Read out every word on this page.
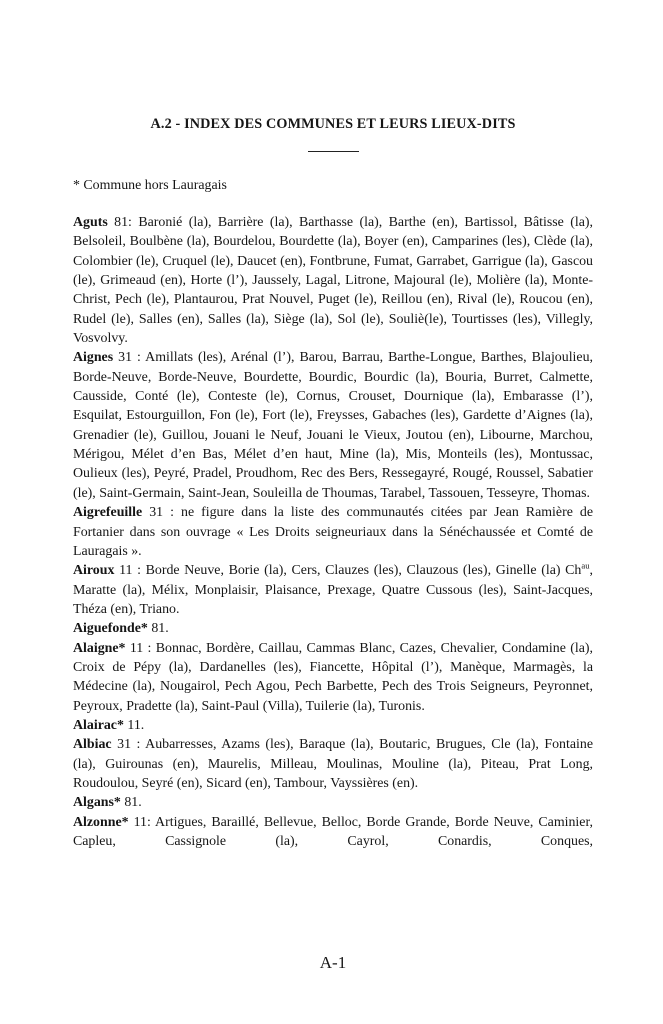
A.2 - INDEX DES COMMUNES ET LEURS LIEUX-DITS

* Commune hors Lauragais

Aguts 81: Baronié (la), Barrière (la), Barthasse (la), Barthe (en), Bartissol, Bâtisse (la), Belsoleil, Boulbène (la), Bourdelou, Bourdette (la), Boyer (en), Camparines (les), Clède (la), Colombier (le), Cruquel (le), Daucet (en), Fontbrune, Fumat, Garrabet, Garrigue (la), Gascou (le), Grimeaud (en), Horte (l’), Jaussely, Lagal, Litrone, Majoural (le), Molière (la), Monte-Christ, Pech (le), Plantaurou, Prat Nouvel, Puget (le), Reillou (en), Rival (le), Roucou (en), Rudel (le), Salles (en), Salles (la), Siège (la), Sol (le), Souliè(le), Tourtisses (les), Villegly, Vosvolvy.

Aignes 31 : Amillats (les), Arénal (l’), Barou, Barrau, Barthe-Longue, Barthes, Blajoulieu, Borde-Neuve, Borde-Neuve, Bourdette, Bourdic, Bourdic (la), Bouria, Burret, Calmette, Causside, Conté (le), Conteste (le), Cornus, Crouset, Dournique (la), Embarasse (l’), Esquilat, Estourguillon, Fon (le), Fort (le), Freysses, Gabaches (les), Gardette d’Aignes (la), Grenadier (le), Guillou, Jouani le Neuf, Jouani le Vieux, Joutou (en), Libourne, Marchou, Mérigou, Mélet d’en Bas, Mélet d’en haut, Mine (la), Mis, Monteils (les), Montussac, Oulieux (les), Peyré, Pradel, Proudhom, Rec des Bers, Ressegayré, Rougé, Roussel, Sabatier (le), Saint-Germain, Saint-Jean, Souleilla de Thoumas, Tarabel, Tassouen, Tesseyre, Thomas.

Aigrefeuille 31 : ne figure dans la liste des communautés citées par Jean Ramière de Fortanier dans son ouvrage « Les Droits seigneuriaux dans la Sénéchaussée et Comté de Lauragais ».

Airoux 11 : Borde Neuve, Borie (la), Cers, Clauzes (les), Clauzous (les), Ginelle (la) $Ch^{au}$, Maratte (la), Mélix, Monplaisir, Plaisance, Prexage, Quatre Cussous (les), Saint-Jacques, Théza (en), Triano.

Aiguefonde* 81.

Alaigne* 11 : Bonnac, Bordère, Caillau, Cammas Blanc, Cazes, Chevalier, Condamine (la), Croix de Pépy (la), Dardanelles (les), Fiancette, Hôpital (l’), Manèque, Marmagès, la Médecine (la), Nougairol, Pech Agou, Pech Barbette, Pech des Trois Seigneurs, Peyronnet, Peyroux, Pradette (la), Saint-Paul (Villa), Tuilerie (la), Turonis.

Alairac* 11.

Albiac 31 : Aubarresses, Azams (les), Baraque (la), Boutaric, Brugues, Cle (la), Fontaine (la), Guirounas (en), Maurelis, Milleau, Moulinas, Mouline (la), Piteau, Prat Long, Roudoulou, Seyré (en), Sicard (en), Tambour, Vayssières (en).

Algans* 81.

Alzonne* 11: Artigues, Baraillé, Bellevue, Belloc, Borde Grande, Borde Neuve, Caminier, Capleu, Cassignole (la), Cayrol, Conardis, Conques,

A-1
